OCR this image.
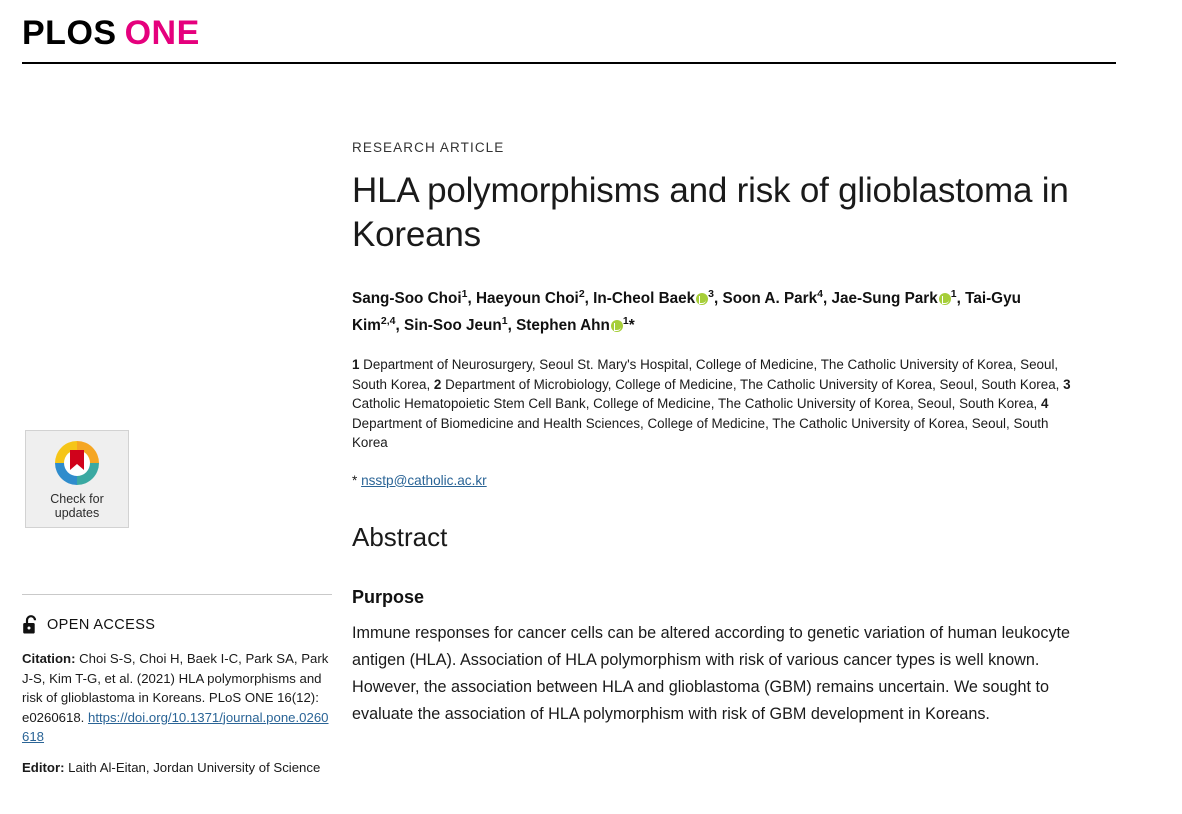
PLOS ONE
Check for
updates
OPEN ACCESS
Citation: Choi S-S, Choi H, Baek I-C, Park SA, Park J-S, Kim T-G, et al. (2021) HLA polymorphisms and risk of glioblastoma in Koreans. PLoS ONE 16(12): e0260618. https://doi.org/10.1371/journal.pone.0260618
Editor: Laith Al-Eitan, Jordan University of Science
RESEARCH ARTICLE
HLA polymorphisms and risk of glioblastoma in Koreans
Sang-Soo Choi$^1$, Haeyoun Choi$^2$, In-Cheol Baek $^3$, Soon A. Park$^4$, Jae-Sung Park $^1$, Tai-Gyu Kim$^{2,4}$, Sin-Soo Jeun$^1$, Stephen Ahn $^1$*
1 Department of Neurosurgery, Seoul St. Mary's Hospital, College of Medicine, The Catholic University of Korea, Seoul, South Korea, 2 Department of Microbiology, College of Medicine, The Catholic University of Korea, Seoul, South Korea, 3 Catholic Hematopoietic Stem Cell Bank, College of Medicine, The Catholic University of Korea, Seoul, South Korea, 4 Department of Biomedicine and Health Sciences, College of Medicine, The Catholic University of Korea, Seoul, South Korea
* nsstp@catholic.ac.kr
Abstract
Purpose

Immune responses for cancer cells can be altered according to genetic variation of human leukocyte antigen (HLA). Association of HLA polymorphism with risk of various cancer types is well known. However, the association between HLA and glioblastoma (GBM) remains uncertain. We sought to evaluate the association of HLA polymorphism with risk of GBM development in Koreans.
